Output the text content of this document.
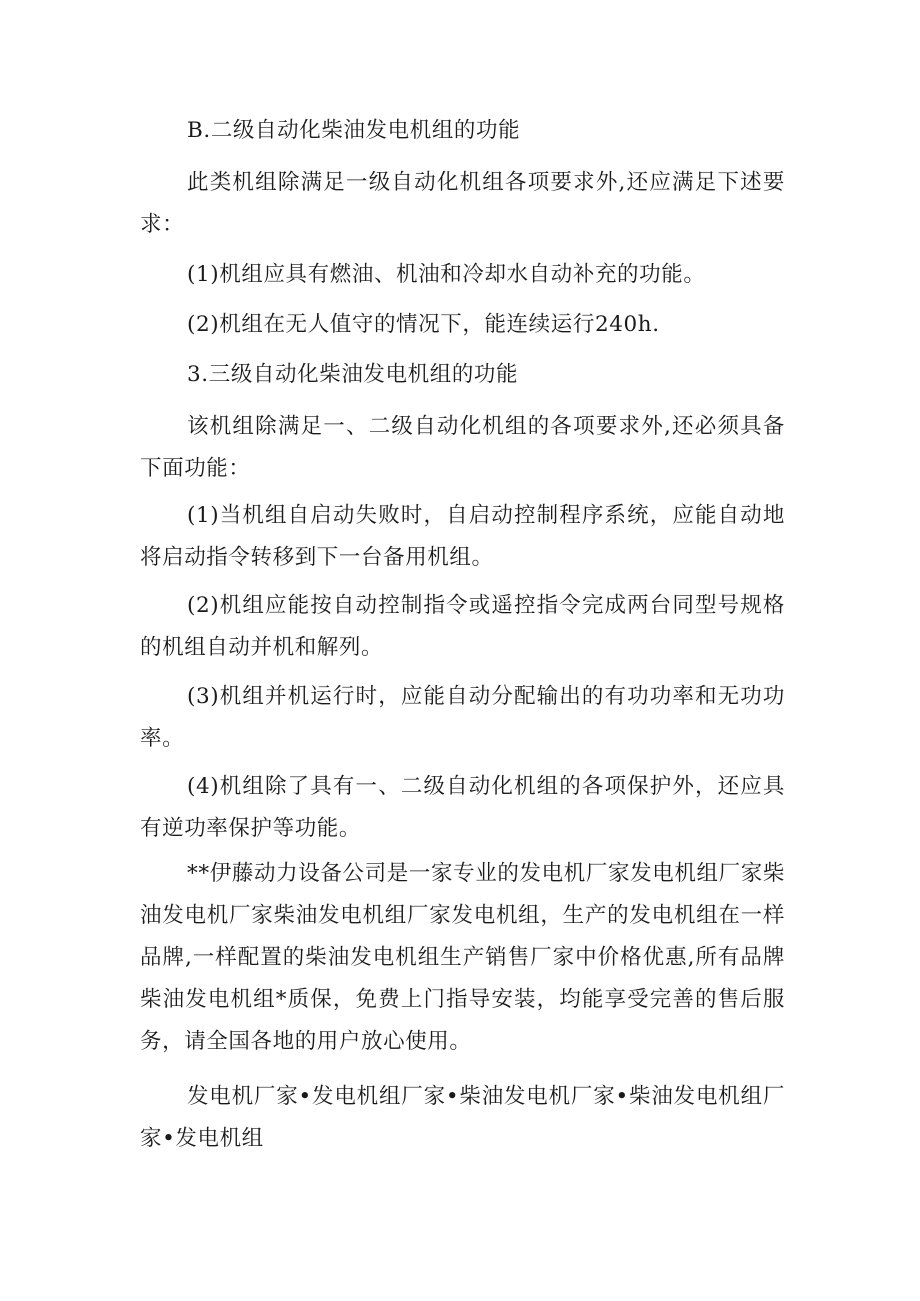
B.二级自动化柴油发电机组的功能

此类机组除满足一级自动化机组各项要求外,还应满足下述要求：

(1)机组应具有燃油、机油和冷却水自动补充的功能。

(2)机组在无人值守的情况下，能连续运行240h.

3.三级自动化柴油发电机组的功能

该机组除满足一、二级自动化机组的各项要求外,还必须具备下面功能：

(1)当机组自启动失败时，自启动控制程序系统，应能自动地将启动指令转移到下一台备用机组。

(2)机组应能按自动控制指令或遥控指令完成两台同型号规格的机组自动并机和解列。

(3)机组并机运行时，应能自动分配输出的有功功率和无功功率。

(4)机组除了具有一、二级自动化机组的各项保护外，还应具有逆功率保护等功能。

**伊藤动力设备公司是一家专业的发电机厂家发电机组厂家柴油发电机厂家柴油发电机组厂家发电机组，生产的发电机组在一样品牌,一样配置的柴油发电机组生产销售厂家中价格优惠,所有品牌柴油发电机组*质保，免费上门指导安装，均能享受完善的售后服务，请全国各地的用户放心使用。

发电机厂家•发电机组厂家•柴油发电机厂家•柴油发电机组厂家•发电机组
